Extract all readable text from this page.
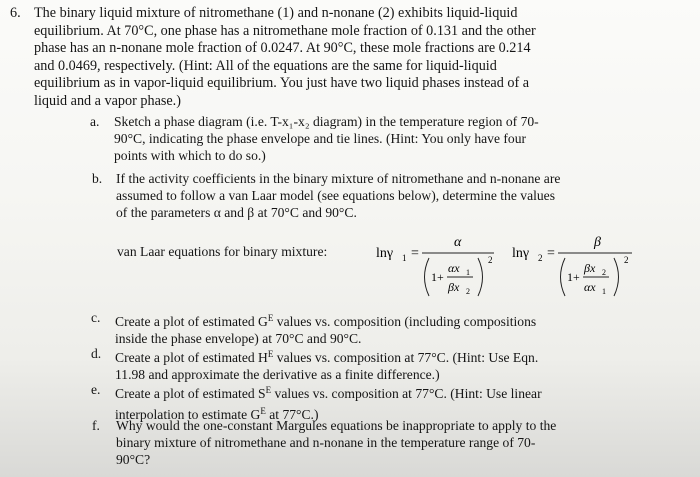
6. The binary liquid mixture of nitromethane (1) and n-nonane (2) exhibits liquid-liquid
equilibrium. At 70°C, one phase has a nitromethane mole fraction of 0.131 and the other
phase has an n-nonane mole fraction of 0.0247. At 90°C, these mole fractions are 0.214
and 0.0469, respectively. (Hint: All of the equations are the same for liquid-liquid
equilibrium as in vapor-liquid equilibrium. You just have two liquid phases instead of a
liquid and a vapor phase.)
a. Sketch a phase diagram (i.e. T-x₁-x₂ diagram) in the temperature region of 70-
90°C, indicating the phase envelope and tie lines. (Hint: You only have four
points with which to do so.)
b. If the activity coefficients in the binary mixture of nitromethane and n-nonane are
assumed to follow a van Laar model (see equations below), determine the values
of the parameters α and β at 70°C and 90°C.
van Laar equations for binary mixture:	lnγ 1 =
α
1+
αx 1
βx 2
2 lnγ 2 =
β
1+
βx 2
αx 1
2
c. Create a plot of estimated $G^E$ values vs. composition (including compositions
inside the phase envelope) at 70°C and 90°C.
d. Create a plot of estimated $H^E$ values vs. composition at 77°C. (Hint: Use Eqn.
11.98 and approximate the derivative as a finite difference.)
e. Create a plot of estimated $S^E$ values vs. composition at 77°C. (Hint: Use linear
interpolation to estimate $G^E$ at 77°C.)
f. Why would the one-constant Margules equations be inappropriate to apply to the
binary mixture of nitromethane and n-nonane in the temperature range of 70-
90°C?
